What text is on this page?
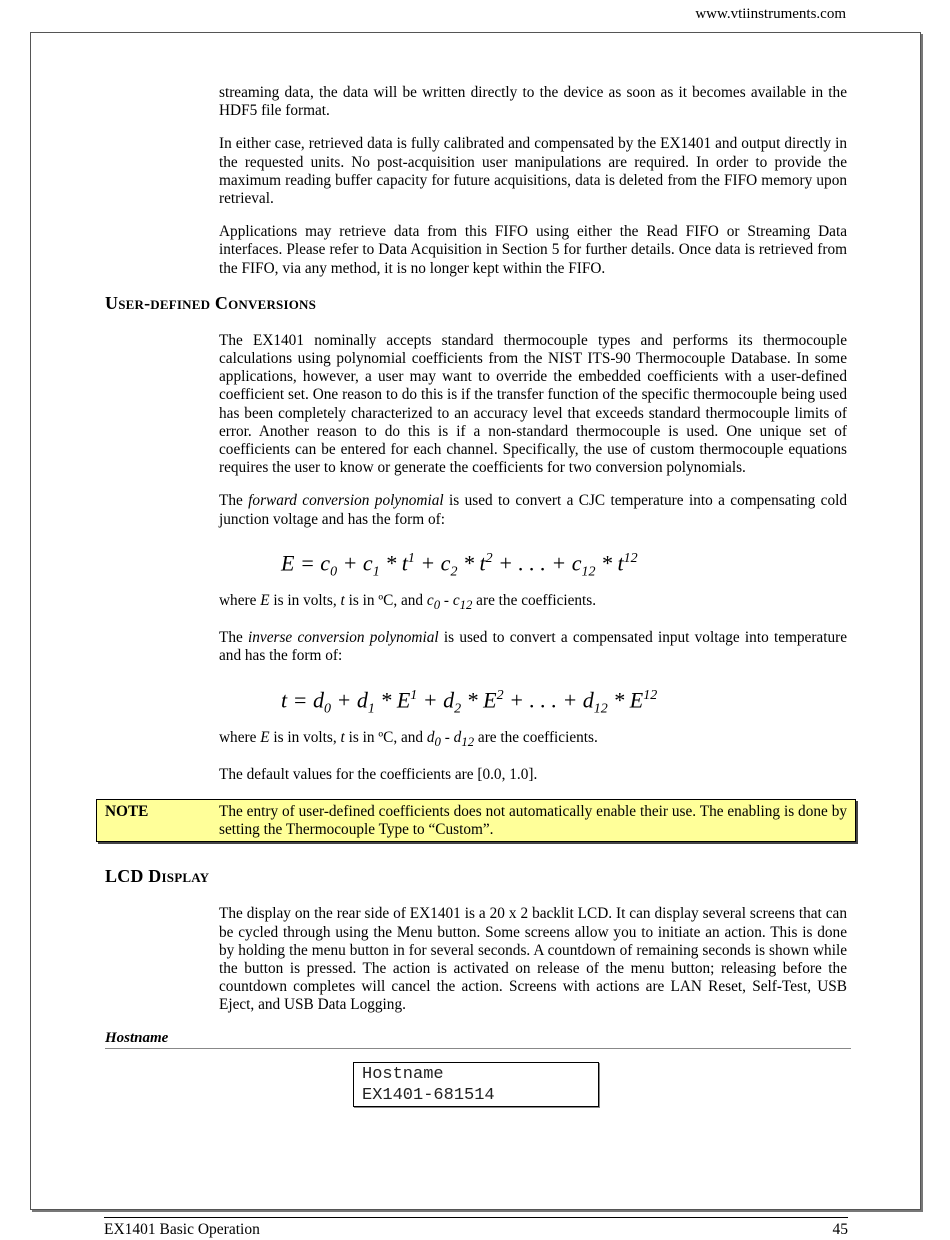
www.vtiinstruments.com

streaming data, the data will be written directly to the device as soon as it becomes available in the HDF5 file format.

In either case, retrieved data is fully calibrated and compensated by the EX1401 and output directly in the requested units. No post-acquisition user manipulations are required. In order to provide the maximum reading buffer capacity for future acquisitions, data is deleted from the FIFO memory upon retrieval.

Applications may retrieve data from this FIFO using either the Read FIFO or Streaming Data interfaces. Please refer to Data Acquisition in Section 5 for further details. Once data is retrieved from the FIFO, via any method, it is no longer kept within the FIFO.

User-defined Conversions

The EX1401 nominally accepts standard thermocouple types and performs its thermocouple calculations using polynomial coefficients from the NIST ITS-90 Thermocouple Database. In some applications, however, a user may want to override the embedded coefficients with a user-defined coefficient set. One reason to do this is if the transfer function of the specific thermocouple being used has been completely characterized to an accuracy level that exceeds standard thermocouple limits of error. Another reason to do this is if a non-standard thermocouple is used. One unique set of coefficients can be entered for each channel. Specifically, the use of custom thermocouple equations requires the user to know or generate the coefficients for two conversion polynomials.

The forward conversion polynomial is used to convert a CJC temperature into a compensating cold junction voltage and has the form of:

$E = c_0 + c_1 * t^1 + c_2 * t^2$ + . . . + $c_{12} * t^{12}$

where E is in volts, t is in ºC, and $c_0 - c_{12}$ are the coefficients.

The inverse conversion polynomial is used to convert a compensated input voltage into temperature and has the form of:

$t = d_0 + d_1 * E^1 + d_2 * E^2$ + . . . + $d_{12} * E^{12}$

where E is in volts, t is in ºC, and $d_0 - d_{12}$ are the coefficients.

The default values for the coefficients are [0.0, 1.0].

NOTE	The entry of user-defined coefficients does not automatically enable their use. The enabling is done by setting the Thermocouple Type to “Custom”.
LCD Display

The display on the rear side of EX1401 is a 20 x 2 backlit LCD. It can display several screens that can be cycled through using the Menu button. Some screens allow you to initiate an action. This is done by holding the menu button in for several seconds. A countdown of remaining seconds is shown while the button is pressed. The action is activated on release of the menu button; releasing before the countdown completes will cancel the action. Screens with actions are LAN Reset, Self-Test, USB Eject, and USB Data Logging.

Hostname
Hostname
EX1401-681514
EX1401 Basic Operation	45
